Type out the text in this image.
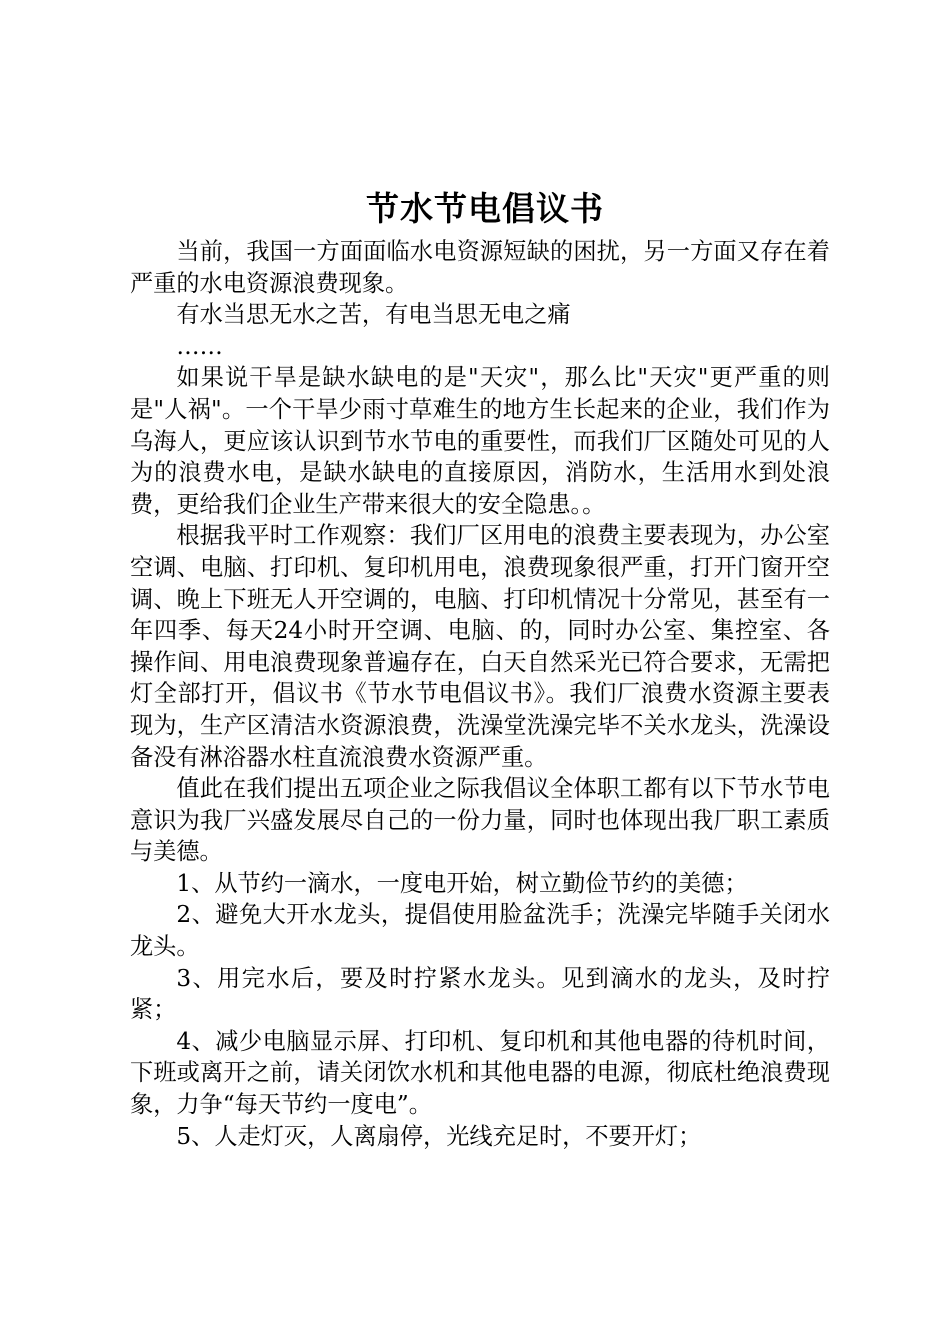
节水节电倡议书

当前，我国一方面面临水电资源短缺的困扰，另一方面又存在着严重的水电资源浪费现象。

有水当思无水之苦，有电当思无电之痛

……

如果说干旱是缺水缺电的是"天灾"，那么比"天灾"更严重的则是"人祸"。一个干旱少雨寸草难生的地方生长起来的企业，我们作为乌海人，更应该认识到节水节电的重要性，而我们厂区随处可见的人为的浪费水电，是缺水缺电的直接原因，消防水，生活用水到处浪费，更给我们企业生产带来很大的安全隐患。。

根据我平时工作观察：我们厂区用电的浪费主要表现为，办公室空调、电脑、打印机、复印机用电，浪费现象很严重，打开门窗开空调、晚上下班无人开空调的，电脑、打印机情况十分常见，甚至有一年四季、每天24小时开空调、电脑、的，同时办公室、集控室、各操作间、用电浪费现象普遍存在，白天自然采光已符合要求，无需把灯全部打开，倡议书《节水节电倡议书》。我们厂浪费水资源主要表现为，生产区清洁水资源浪费，洗澡堂洗澡完毕不关水龙头，洗澡设备没有淋浴器水柱直流浪费水资源严重。

值此在我们提出五项企业之际我倡议全体职工都有以下节水节电意识为我厂兴盛发展尽自己的一份力量，同时也体现出我厂职工素质与美德。

1、从节约一滴水，一度电开始，树立勤俭节约的美德；

2、避免大开水龙头，提倡使用脸盆洗手；洗澡完毕随手关闭水龙头。

3、用完水后，要及时拧紧水龙头。见到滴水的龙头，及时拧紧；

4、减少电脑显示屏、打印机、复印机和其他电器的待机时间，下班或离开之前，请关闭饮水机和其他电器的电源，彻底杜绝浪费现象，力争“每天节约一度电”。

5、人走灯灭，人离扇停，光线充足时，不要开灯；
